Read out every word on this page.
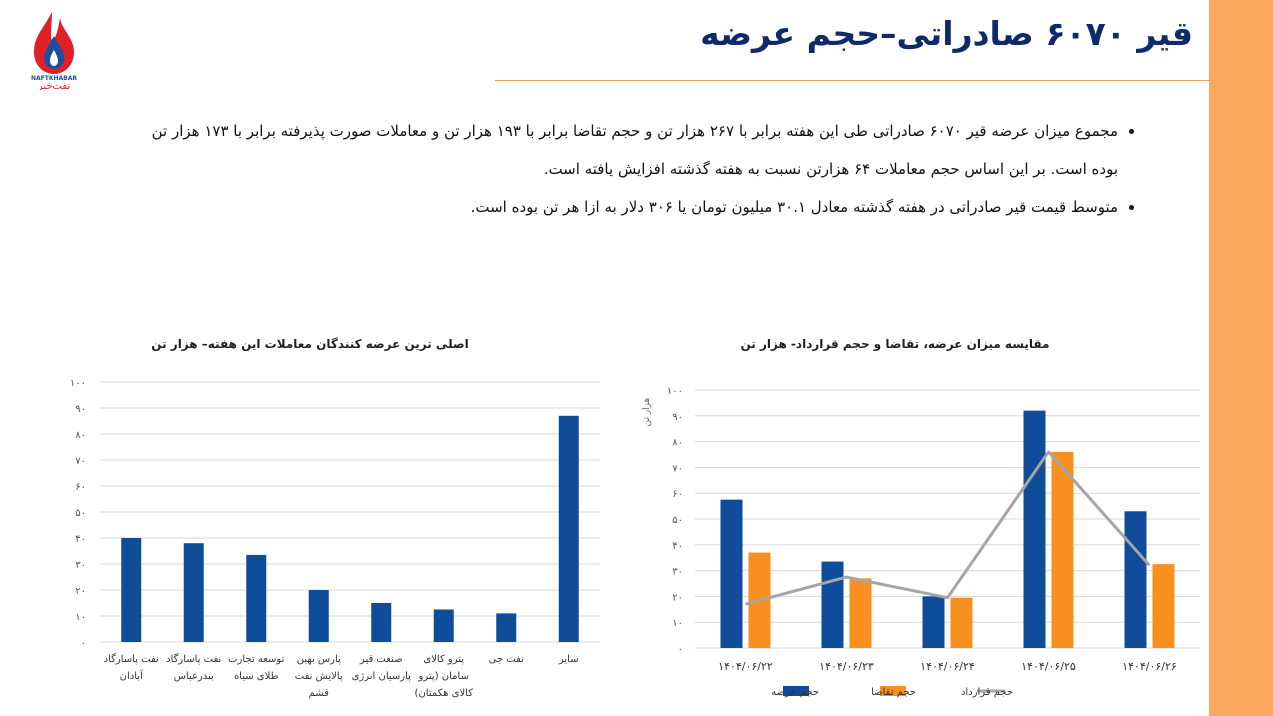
NAFTKHABAR
نفت‌خبر
قیر ۶۰۷۰ صادراتی–حجم عرضه
• مجموع میزان عرضه قیر ۶۰۷۰ صادراتی طی این هفته برابر با ۲۶۷ هزار تن و حجم تقاضا برابر با ۱۹۳ هزار تن و معاملات صورت پذیرفته برابر با ۱۷۳ هزار تن بوده است. بر این اساس حجم معاملات ۶۴ هزارتن نسبت به هفته گذشته افزایش یافته است.
• متوسط قیمت قیر صادراتی در هفته گذشته معادل ۳۰.۱ میلیون تومان یا ۳۰۶ دلار به ازا هر تن بوده است.
اصلی ترین عرضه کنندگان معاملات این هفته– هزار تن
۰
۱۰
۲۰
۳۰
۴۰
۵۰
۶۰
۷۰
۸۰
۹۰
۱۰۰
نفت پاسارگاد
آبادان
نفت پاسارگاد
بندرعباس
توسعه تجارت
طلای سیاه
پارس بهین
پالایش نفت
قشم
صنعت قیر
پارسیان انرژی
پترو کالای
سامان (پترو
کالای هکمتان)
نفت جی	سایر
مقایسه میزان عرضه، تقاضا و حجم قرارداد- هزار تن
هزار تن
۰
۱۰
۲۰
۳۰
۴۰
۵۰
۶۰
۷۰
۸۰
۹۰
۱۰۰
۱۴۰۴/۰۶/۲۲	۱۴۰۴/۰۶/۲۳	۱۴۰۴/۰۶/۲۴	۱۴۰۴/۰۶/۲۵	۱۴۰۴/۰۶/۲۶
حجم عرضه	حجم تقاضا	حجم قرارداد
